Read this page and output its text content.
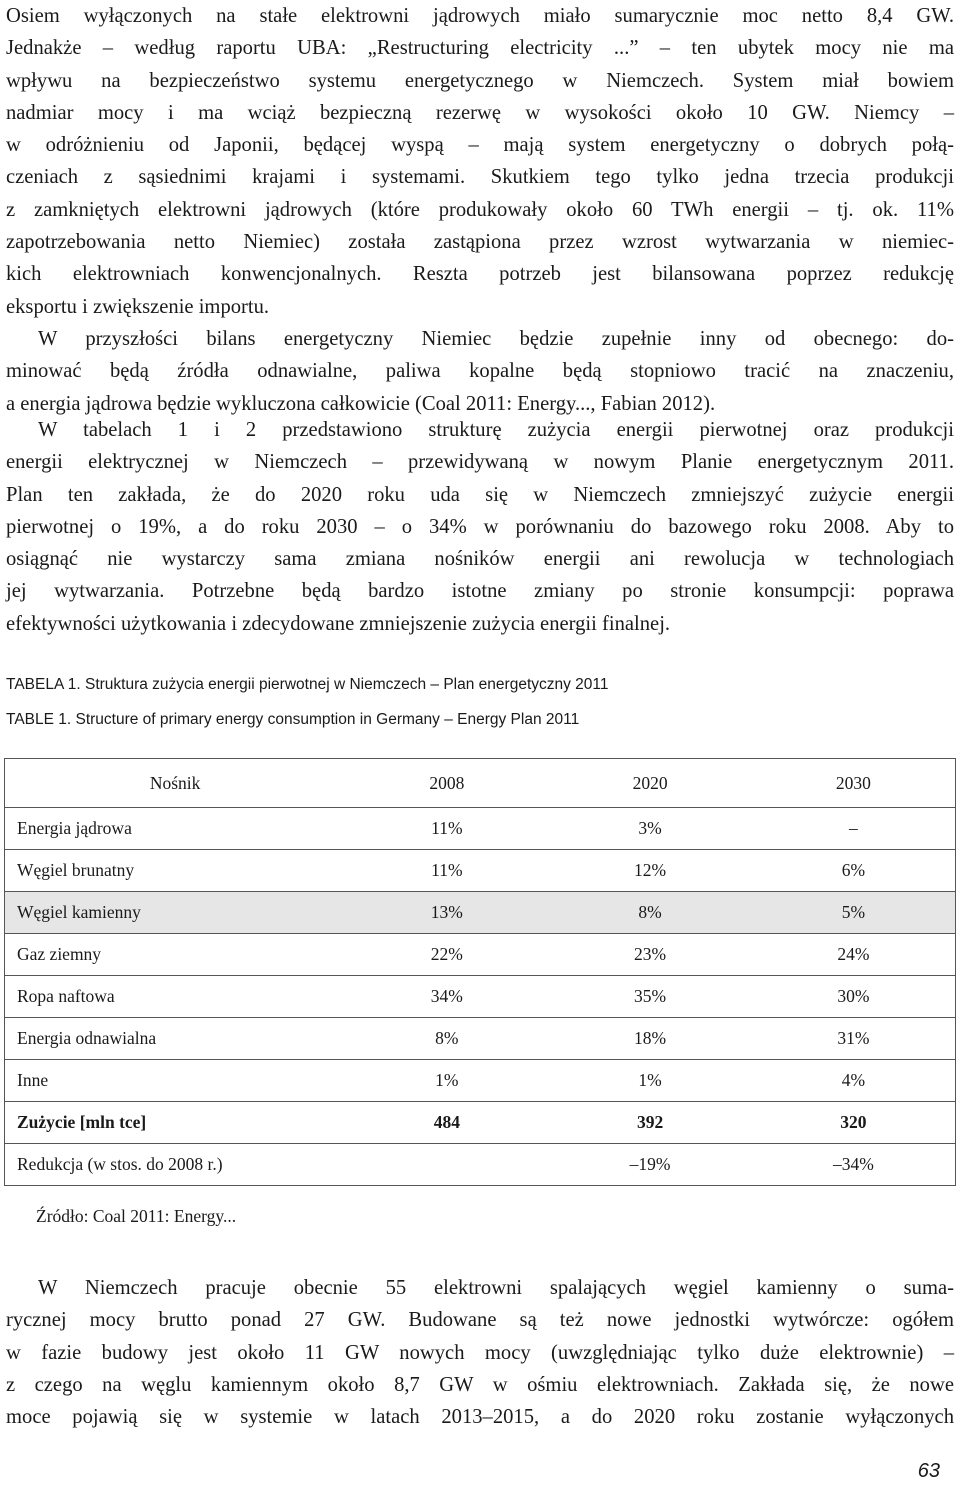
Osiem wyłączonych na stałe elektrowni jądrowych miało sumarycznie moc netto 8,4 GW.
Jednakże – według raportu UBA: „Restructuring electricity ...” – ten ubytek mocy nie ma
wpływu na bezpieczeństwo systemu energetycznego w Niemczech. System miał bowiem
nadmiar mocy i ma wciąż bezpieczną rezerwę w wysokości około 10 GW. Niemcy –
w odróżnieniu od Japonii, będącej wyspą – mają system energetyczny o dobrych połą-
czeniach z sąsiednimi krajami i systemami. Skutkiem tego tylko jedna trzecia produkcji
z zamkniętych elektrowni jądrowych (które produkowały około 60 TWh energii – tj. ok. 11%
zapotrzebowania netto Niemiec) została zastąpiona przez wzrost wytwarzania w niemiec-
kich elektrowniach konwencjonalnych. Reszta potrzeb jest bilansowana poprzez redukcję
eksportu i zwiększenie importu.
W przyszłości bilans energetyczny Niemiec będzie zupełnie inny od obecnego: do-
minować będą źródła odnawialne, paliwa kopalne będą stopniowo tracić na znaczeniu,
a energia jądrowa będzie wykluczona całkowicie (Coal 2011: Energy..., Fabian 2012).
W tabelach 1 i 2 przedstawiono strukturę zużycia energii pierwotnej oraz produkcji
energii elektrycznej w Niemczech – przewidywaną w nowym Planie energetycznym 2011.
Plan ten zakłada, że do 2020 roku uda się w Niemczech zmniejszyć zużycie energii
pierwotnej o 19%, a do roku 2030 – o 34% w porównaniu do bazowego roku 2008. Aby to
osiągnąć nie wystarczy sama zmiana nośników energii ani rewolucja w technologiach
jej wytwarzania. Potrzebne będą bardzo istotne zmiany po stronie konsumpcji: poprawa
efektywności użytkowania i zdecydowane zmniejszenie zużycia energii finalnej.

TABELA 1. Struktura zużycia energii pierwotnej w Niemczech – Plan energetyczny 2011

TABLE 1. Structure of primary energy consumption in Germany – Energy Plan 2011

Nośnik	2008	2020	2030
Energia jądrowa	11%	3%	–
Węgiel brunatny	11%	12%	6%
Węgiel kamienny	13%	8%	5%
Gaz ziemny	22%	23%	24%
Ropa naftowa	34%	35%	30%
Energia odnawialna	8%	18%	31%
Inne	1%	1%	4%
Zużycie [mln tce]	484	392	320
Redukcja (w stos. do 2008 r.)		–19%	–34%

Źródło: Coal 2011: Energy...

W Niemczech pracuje obecnie 55 elektrowni spalających węgiel kamienny o suma-
rycznej mocy brutto ponad 27 GW. Budowane są też nowe jednostki wytwórcze: ogółem
w fazie budowy jest około 11 GW nowych mocy (uwzględniając tylko duże elektrownie) –
z czego na węglu kamiennym około 8,7 GW w ośmiu elektrowniach. Zakłada się, że nowe
moce pojawią się w systemie w latach 2013–2015, a do 2020 roku zostanie wyłączonych
63
